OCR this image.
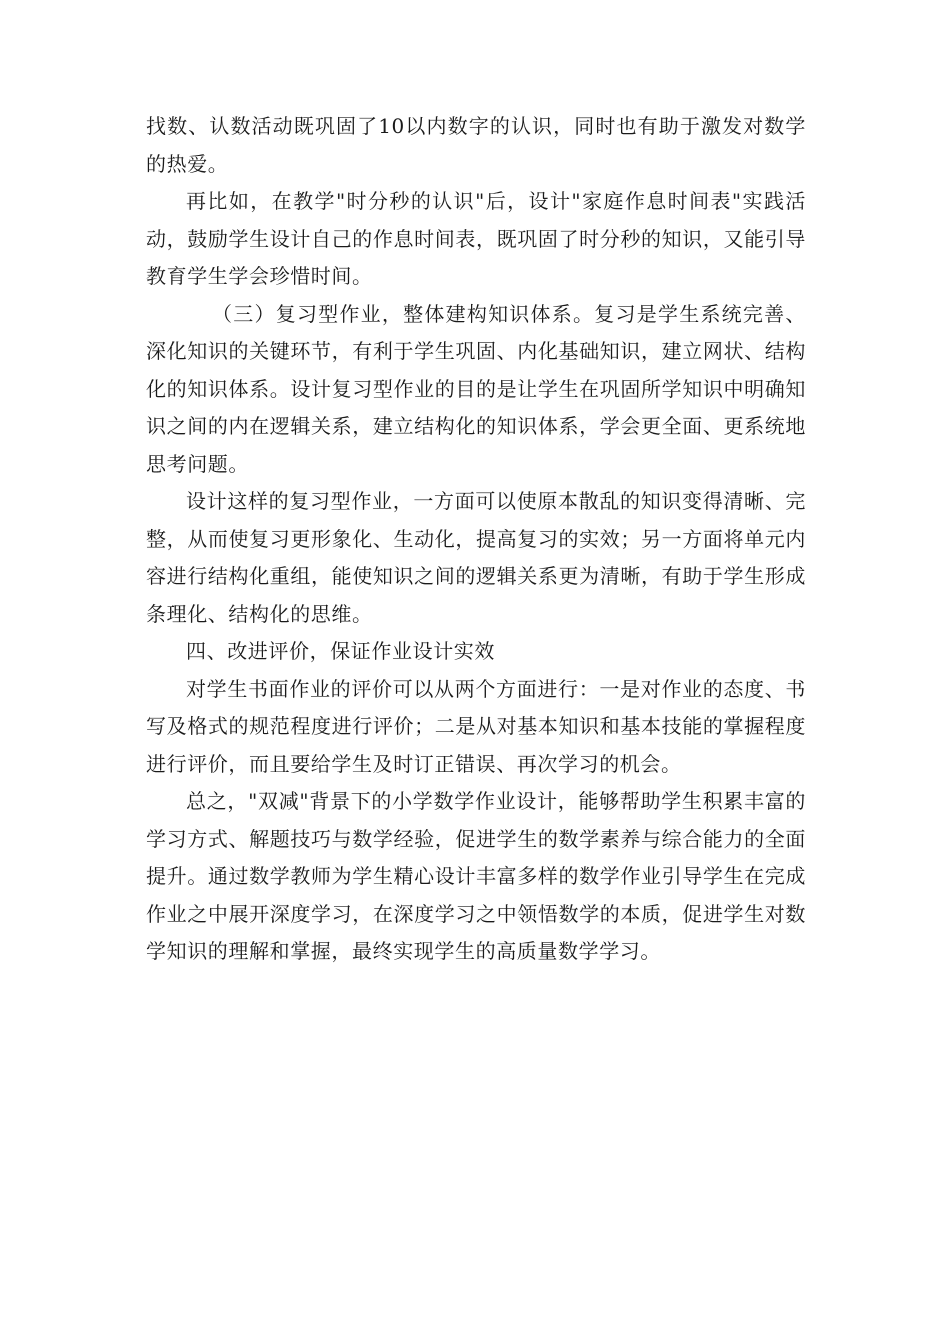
找数、认数活动既巩固了10以内数字的认识，同时也有助于激发对数学的热爱。

再比如，在教学"时分秒的认识"后，设计"家庭作息时间表"实践活动，鼓励学生设计自己的作息时间表，既巩固了时分秒的知识，又能引导教育学生学会珍惜时间。

（三）复习型作业，整体建构知识体系。复习是学生系统完善、深化知识的关键环节，有利于学生巩固、内化基础知识，建立网状、结构化的知识体系。设计复习型作业的目的是让学生在巩固所学知识中明确知识之间的内在逻辑关系，建立结构化的知识体系，学会更全面、更系统地思考问题。

设计这样的复习型作业，一方面可以使原本散乱的知识变得清晰、完整，从而使复习更形象化、生动化，提高复习的实效；另一方面将单元内容进行结构化重组，能使知识之间的逻辑关系更为清晰，有助于学生形成条理化、结构化的思维。

四、改进评价，保证作业设计实效

对学生书面作业的评价可以从两个方面进行：一是对作业的态度、书写及格式的规范程度进行评价；二是从对基本知识和基本技能的掌握程度进行评价，而且要给学生及时订正错误、再次学习的机会。

总之，"双减"背景下的小学数学作业设计，能够帮助学生积累丰富的学习方式、解题技巧与数学经验，促进学生的数学素养与综合能力的全面提升。通过数学教师为学生精心设计丰富多样的数学作业引导学生在完成作业之中展开深度学习，在深度学习之中领悟数学的本质，促进学生对数学知识的理解和掌握，最终实现学生的高质量数学学习。
